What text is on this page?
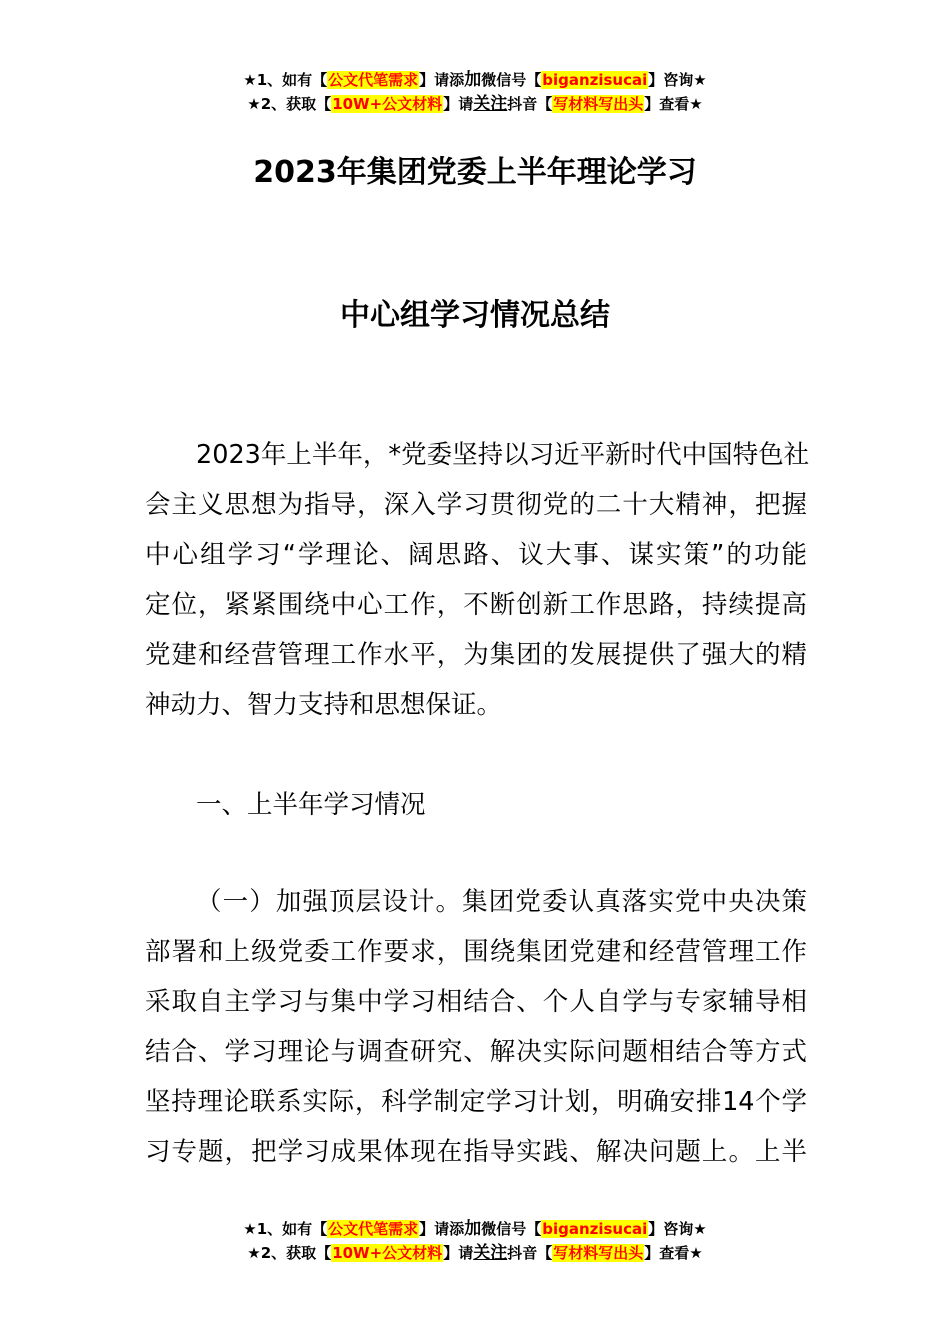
★1、如有【公文代笔需求】请添加微信号【biganzisucai】咨询★
★2、获取【10W+公文材料】请关注抖音【写材料写出头】查看★
2023年集团党委上半年理论学习
中心组学习情况总结
2023年上半年，*党委坚持以习近平新时代中国特色社
会主义思想为指导，深入学习贯彻党的二十大精神，把握
中心组学习“学理论、阔思路、议大事、谋实策”的功能
定位，紧紧围绕中心工作，不断创新工作思路，持续提高
党建和经营管理工作水平，为集团的发展提供了强大的精
神动力、智力支持和思想保证。
一、上半年学习情况
（一）加强顶层设计。集团党委认真落实党中央决策
部署和上级党委工作要求，围绕集团党建和经营管理工作
采取自主学习与集中学习相结合、个人自学与专家辅导相
结合、学习理论与调查研究、解决实际问题相结合等方式
坚持理论联系实际，科学制定学习计划，明确安排14个学
习专题，把学习成果体现在指导实践、解决问题上。上半
★1、如有【公文代笔需求】请添加微信号【biganzisucai】咨询★
★2、获取【10W+公文材料】请关注抖音【写材料写出头】查看★
